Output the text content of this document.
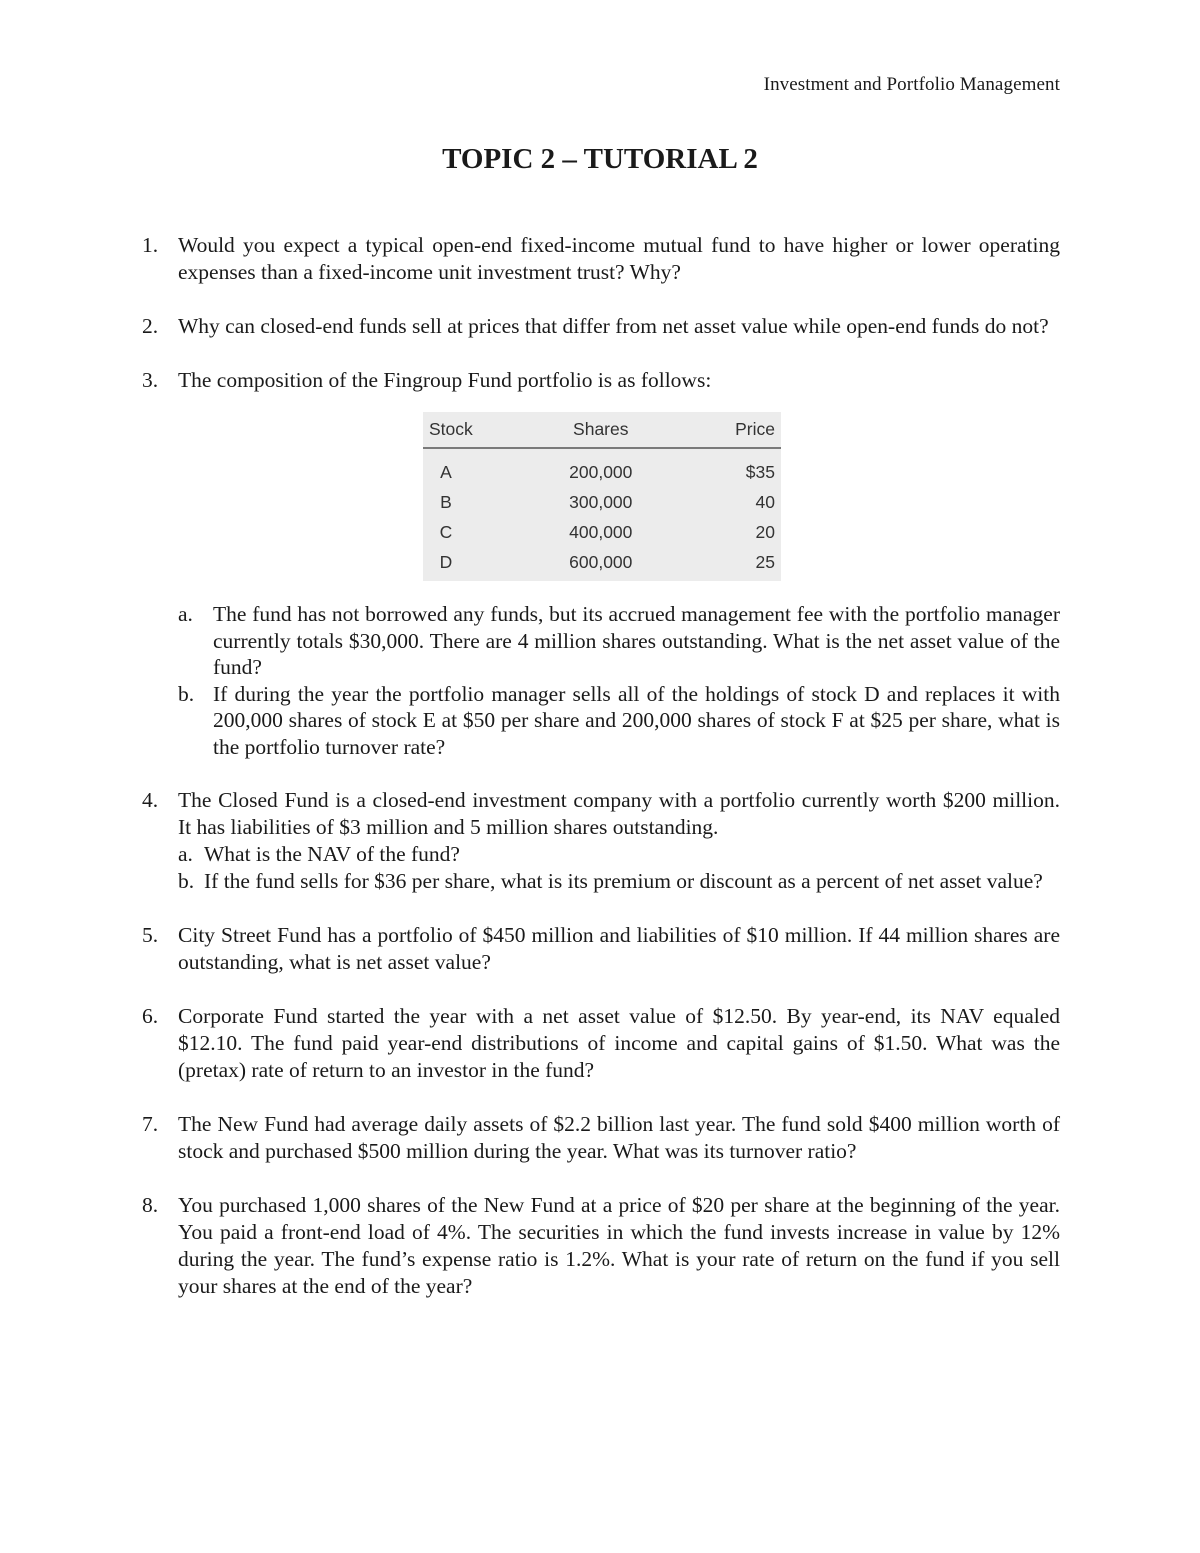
Investment and Portfolio Management
TOPIC 2 – TUTORIAL 2
1. Would you expect a typical open-end fixed-income mutual fund to have higher or lower operating expenses than a fixed-income unit investment trust? Why?
2. Why can closed-end funds sell at prices that differ from net asset value while open-end funds do not?
3. The composition of the Fingroup Fund portfolio is as follows:
Stock	Shares	Price
A	200,000	$35
B	300,000	40
C	400,000	20
D	600,000	25
a. The fund has not borrowed any funds, but its accrued management fee with the portfolio manager currently totals $30,000. There are 4 million shares outstanding. What is the net asset value of the fund?
b. If during the year the portfolio manager sells all of the holdings of stock D and replaces it with 200,000 shares of stock E at $50 per share and 200,000 shares of stock F at $25 per share, what is the portfolio turnover rate?
4. The Closed Fund is a closed-end investment company with a portfolio currently worth $200 million. It has liabilities of $3 million and 5 million shares outstanding.
a. What is the NAV of the fund?
b. If the fund sells for $36 per share, what is its premium or discount as a percent of net asset value?
5. City Street Fund has a portfolio of $450 million and liabilities of $10 million. If 44 million shares are outstanding, what is net asset value?
6. Corporate Fund started the year with a net asset value of $12.50. By year-end, its NAV equaled $12.10. The fund paid year-end distributions of income and capital gains of $1.50. What was the (pretax) rate of return to an investor in the fund?
7. The New Fund had average daily assets of $2.2 billion last year. The fund sold $400 million worth of stock and purchased $500 million during the year. What was its turnover ratio?
8. You purchased 1,000 shares of the New Fund at a price of $20 per share at the beginning of the year. You paid a front-end load of 4%. The securities in which the fund invests increase in value by 12% during the year. The fund’s expense ratio is 1.2%. What is your rate of return on the fund if you sell your shares at the end of the year?
